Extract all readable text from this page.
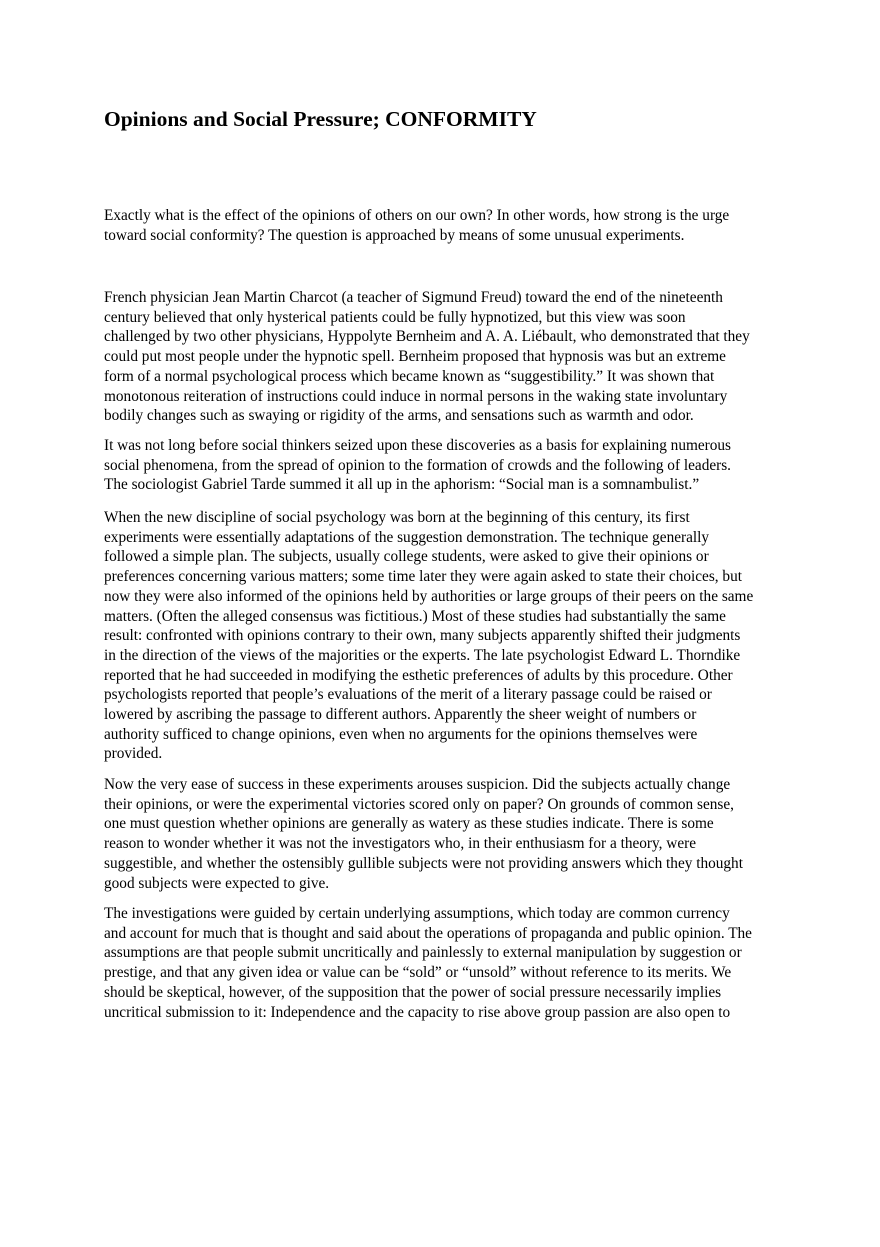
Opinions and Social Pressure; CONFORMITY

Exactly what is the effect of the opinions of others on our own? In other words, how strong is the urge
toward social conformity? The question is approached by means of some unusual experiments.

French physician Jean Martin Charcot (a teacher of Sigmund Freud) toward the end of the nineteenth
century believed that only hysterical patients could be fully hypnotized, but this view was soon
challenged by two other physicians, Hyppolyte Bernheim and A. A. Liébault, who demonstrated that they
could put most people under the hypnotic spell. Bernheim proposed that hypnosis was but an extreme
form of a normal psychological process which became known as “suggestibility.” It was shown that
monotonous reiteration of instructions could induce in normal persons in the waking state involuntary
bodily changes such as swaying or rigidity of the arms, and sensations such as warmth and odor.

It was not long before social thinkers seized upon these discoveries as a basis for explaining numerous
social phenomena, from the spread of opinion to the formation of crowds and the following of leaders.
The sociologist Gabriel Tarde summed it all up in the aphorism: “Social man is a somnambulist.”

When the new discipline of social psychology was born at the beginning of this century, its first
experiments were essentially adaptations of the suggestion demonstration. The technique generally
followed a simple plan. The subjects, usually college students, were asked to give their opinions or
preferences concerning various matters; some time later they were again asked to state their choices, but
now they were also informed of the opinions held by authorities or large groups of their peers on the same
matters. (Often the alleged consensus was fictitious.) Most of these studies had substantially the same
result: confronted with opinions contrary to their own, many subjects apparently shifted their judgments
in the direction of the views of the majorities or the experts. The late psychologist Edward L. Thorndike
reported that he had succeeded in modifying the esthetic preferences of adults by this procedure. Other
psychologists reported that people’s evaluations of the merit of a literary passage could be raised or
lowered by ascribing the passage to different authors. Apparently the sheer weight of numbers or
authority sufficed to change opinions, even when no arguments for the opinions themselves were
provided.

Now the very ease of success in these experiments arouses suspicion. Did the subjects actually change
their opinions, or were the experimental victories scored only on paper? On grounds of common sense,
one must question whether opinions are generally as watery as these studies indicate. There is some
reason to wonder whether it was not the investigators who, in their enthusiasm for a theory, were
suggestible, and whether the ostensibly gullible subjects were not providing answers which they thought
good subjects were expected to give.

The investigations were guided by certain underlying assumptions, which today are common currency
and account for much that is thought and said about the operations of propaganda and public opinion. The
assumptions are that people submit uncritically and painlessly to external manipulation by suggestion or
prestige, and that any given idea or value can be “sold” or “unsold” without reference to its merits. We
should be skeptical, however, of the supposition that the power of social pressure necessarily implies
uncritical submission to it: Independence and the capacity to rise above group passion are also open to
